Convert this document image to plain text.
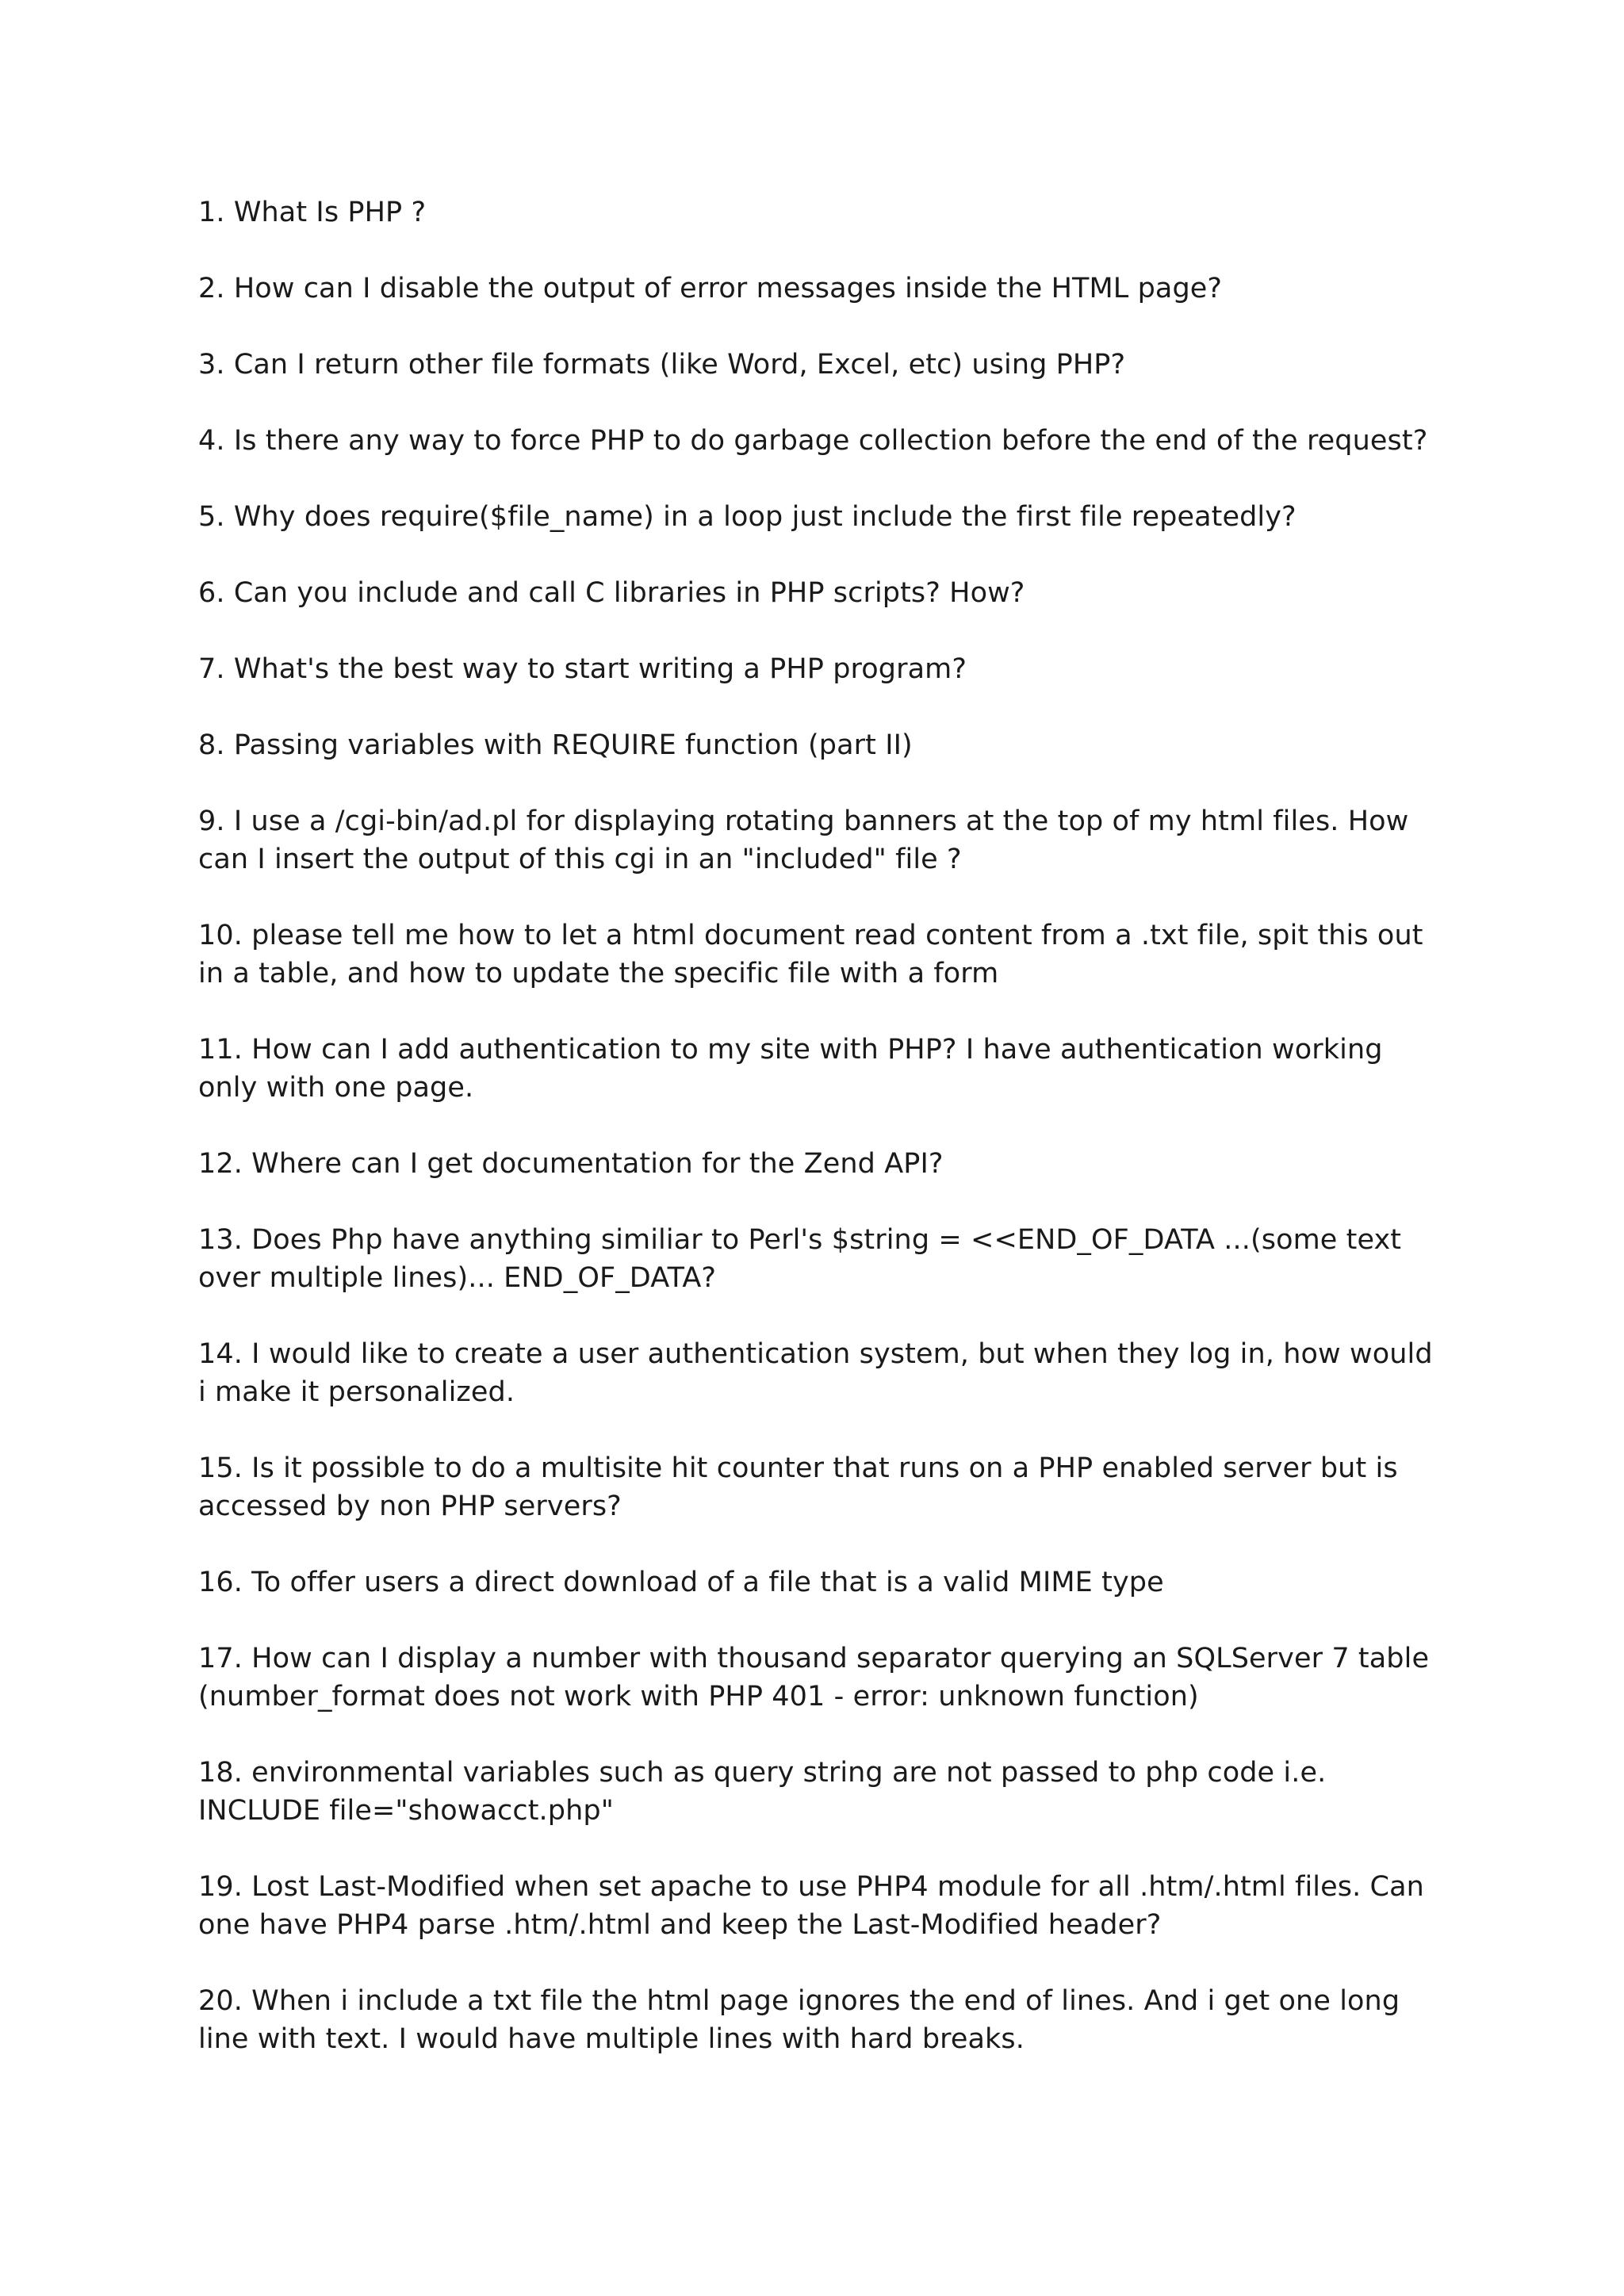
1. What Is PHP ?
2. How can I disable the output of error messages inside the HTML page?
3. Can I return other file formats (like Word, Excel, etc) using PHP?
4. Is there any way to force PHP to do garbage collection before the end of the request?
5. Why does require($file_name) in a loop just include the first file repeatedly?
6. Can you include and call C libraries in PHP scripts? How?
7. What's the best way to start writing a PHP program?
8. Passing variables with REQUIRE function (part II)
9. I use a /cgi-bin/ad.pl for displaying rotating banners at the top of my html files. How
can I insert the output of this cgi in an "included" file ?
10. please tell me how to let a html document read content from a .txt file, spit this out
in a table, and how to update the specific file with a form
11. How can I add authentication to my site with PHP? I have authentication working
only with one page.
12. Where can I get documentation for the Zend API?
13. Does Php have anything similiar to Perl's $string = <<END_OF_DATA ...(some text
over multiple lines)... END_OF_DATA?
14. I would like to create a user authentication system, but when they log in, how would
i make it personalized.
15. Is it possible to do a multisite hit counter that runs on a PHP enabled server but is
accessed by non PHP servers?
16. To offer users a direct download of a file that is a valid MIME type
17. How can I display a number with thousand separator querying an SQLServer 7 table
(number_format does not work with PHP 401 - error: unknown function)
18. environmental variables such as query string are not passed to php code i.e.
INCLUDE file="showacct.php"
19. Lost Last-Modified when set apache to use PHP4 module for all .htm/.html files. Can
one have PHP4 parse .htm/.html and keep the Last-Modified header?
20. When i include a txt file the html page ignores the end of lines. And i get one long
line with text. I would have multiple lines with hard breaks.
